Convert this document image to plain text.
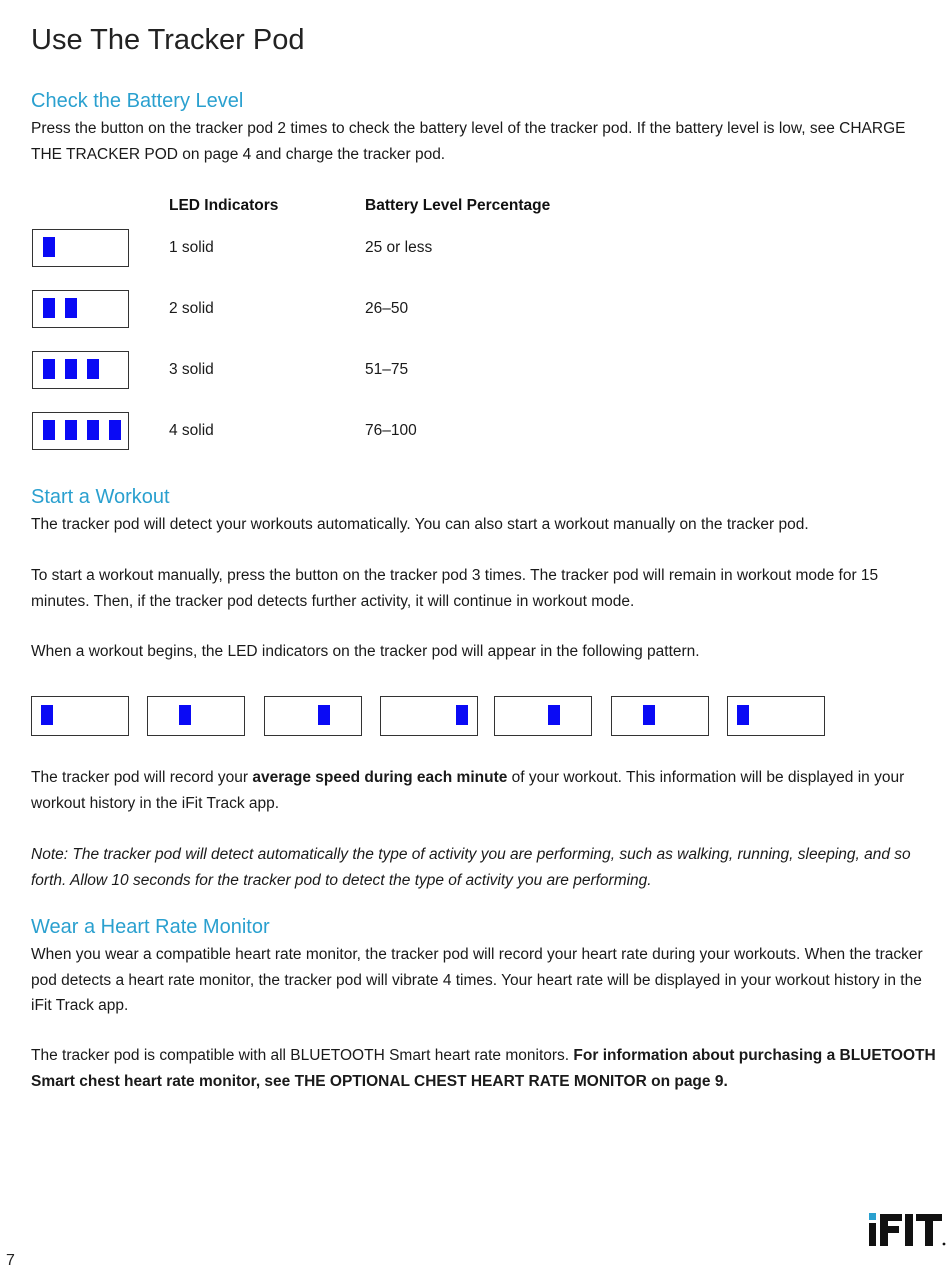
Use The Tracker Pod
Check the Battery Level

Press the button on the tracker pod 2 times to check the battery level of the tracker pod. If the battery level is low, see CHARGE THE TRACKER POD on page 4 and charge the tracker pod.

LED Indicators	Battery Level Percentage
1 solid	25 or less
2 solid	26–50
3 solid	51–75
4 solid	76–100
Start a Workout

The tracker pod will detect your workouts automatically. You can also start a workout manually on the tracker pod.

To start a workout manually, press the button on the tracker pod 3 times. The tracker pod will remain in workout mode for 15 minutes. Then, if the tracker pod detects further activity, it will continue in workout mode.

When a workout begins, the LED indicators on the tracker pod will appear in the following pattern.

The tracker pod will record your average speed during each minute of your workout. This information will be displayed in your workout history in the iFit Track app.

Note: The tracker pod will detect automatically the type of activity you are performing, such as walking, running, sleeping, and so forth. Allow 10 seconds for the tracker pod to detect the type of activity you are performing.

Wear a Heart Rate Monitor

When you wear a compatible heart rate monitor, the tracker pod will record your heart rate during your workouts. When the tracker pod detects a heart rate monitor, the tracker pod will vibrate 4 times. Your heart rate will be displayed in your workout history in the iFit Track app.

The tracker pod is compatible with all BLUETOOTH Smart heart rate monitors. For information about purchasing a BLUETOOTH Smart chest heart rate monitor, see THE OPTIONAL CHEST HEART RATE MONITOR on page 9.

7
